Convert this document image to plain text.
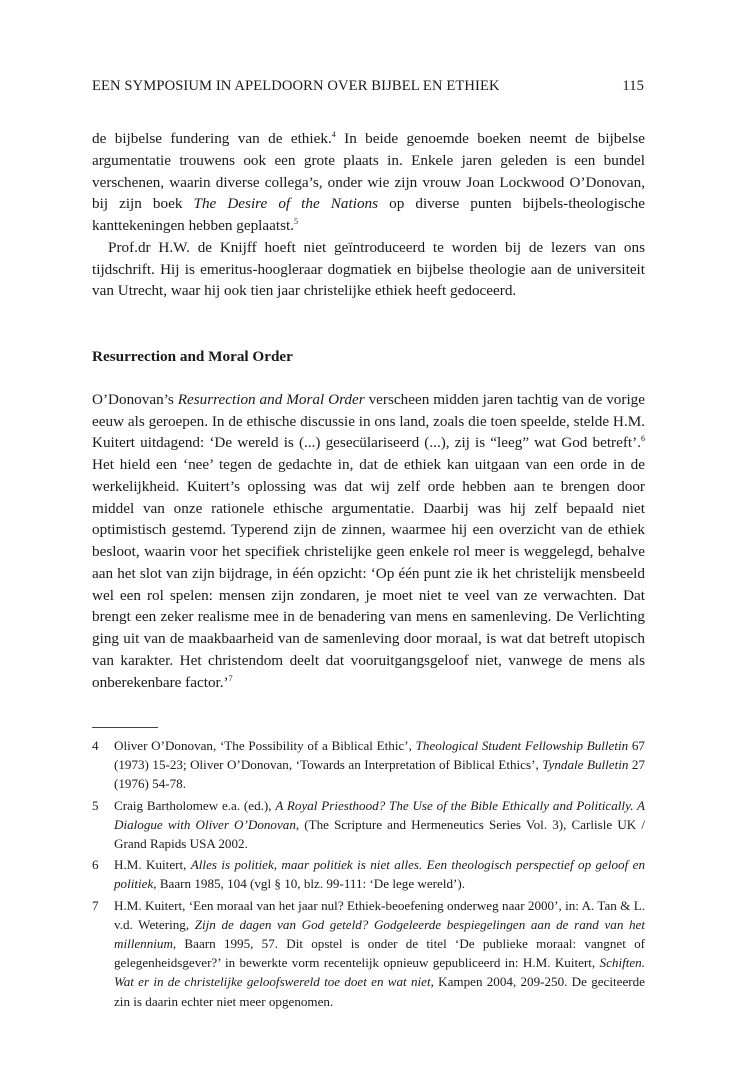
EEN SYMPOSIUM IN APELDOORN OVER BIJBEL EN ETHIEK	115

de bijbelse fundering van de ethiek.$^4$ In beide genoemde boeken neemt de bijbelse argumentatie trouwens ook een grote plaats in. Enkele jaren geleden is een bundel verschenen, waarin diverse collega’s, onder wie zijn vrouw Joan Lockwood O’Donovan, bij zijn boek The Desire of the Nations op diverse punten bijbels-theologische kanttekeningen hebben geplaatst.$^5$

Prof.dr H.W. de Knijff hoeft niet geïntroduceerd te worden bij de lezers van ons tijdschrift. Hij is emeritus-hoogleraar dogmatiek en bijbelse theologie aan de universiteit van Utrecht, waar hij ook tien jaar christelijke ethiek heeft gedoceerd.

Resurrection and Moral Order

O’Donovan’s Resurrection and Moral Order verscheen midden jaren tachtig van de vorige eeuw als geroepen. In de ethische discussie in ons land, zoals die toen speelde, stelde H.M. Kuitert uitdagend: ‘De wereld is (...) gesecülariseerd (...), zij is “leeg” wat God betreft’.$^6$ Het hield een ‘nee’ tegen de gedachte in, dat de ethiek kan uitgaan van een orde in de werkelijkheid. Kuitert’s oplossing was dat wij zelf orde hebben aan te brengen door middel van onze rationele ethische argumentatie. Daarbij was hij zelf bepaald niet optimistisch gestemd. Typerend zijn de zinnen, waarmee hij een overzicht van de ethiek besloot, waarin voor het specifiek christelijke geen enkele rol meer is weggelegd, behalve aan het slot van zijn bijdrage, in één opzicht: ‘Op één punt zie ik het christelijk mensbeeld wel een rol spelen: mensen zijn zondaren, je moet niet te veel van ze verwachten. Dat brengt een zeker realisme mee in de benadering van mens en samenleving. De Verlichting ging uit van de maakbaarheid van de samenleving door moraal, is wat dat betreft utopisch van karakter. Het christendom deelt dat vooruitgangsgeloof niet, vanwege de mens als onberekenbare factor.’$^7$

4	Oliver O’Donovan, ‘The Possibility of a Biblical Ethic’, Theological Student Fellowship Bulletin 67 (1973) 15-23; Oliver O’Donovan, ‘Towards an Interpretation of Biblical Ethics’, Tyndale Bulletin 27 (1976) 54-78.
5	Craig Bartholomew e.a. (ed.), A Royal Priesthood? The Use of the Bible Ethically and Politically. A Dialogue with Oliver O’Donovan, (The Scripture and Hermeneutics Series Vol. 3), Carlisle UK / Grand Rapids USA 2002.
6	H.M. Kuitert, Alles is politiek, maar politiek is niet alles. Een theologisch perspectief op geloof en politiek, Baarn 1985, 104 (vgl § 10, blz. 99-111: ‘De lege wereld’).
7	H.M. Kuitert, ‘Een moraal van het jaar nul? Ethiek-beoefening onderweg naar 2000’, in: A. Tan & L. v.d. Wetering, Zijn de dagen van God geteld? Godgeleerde bespiegelingen aan de rand van het millennium, Baarn 1995, 57. Dit opstel is onder de titel ‘De publieke moraal: vangnet of gelegenheidsgever?’ in bewerkte vorm recentelijk opnieuw gepubliceerd in: H.M. Kuitert, Schiften. Wat er in de christelijke geloofswereld toe doet en wat niet, Kampen 2004, 209-250. De geciteerde zin is daarin echter niet meer opgenomen.
